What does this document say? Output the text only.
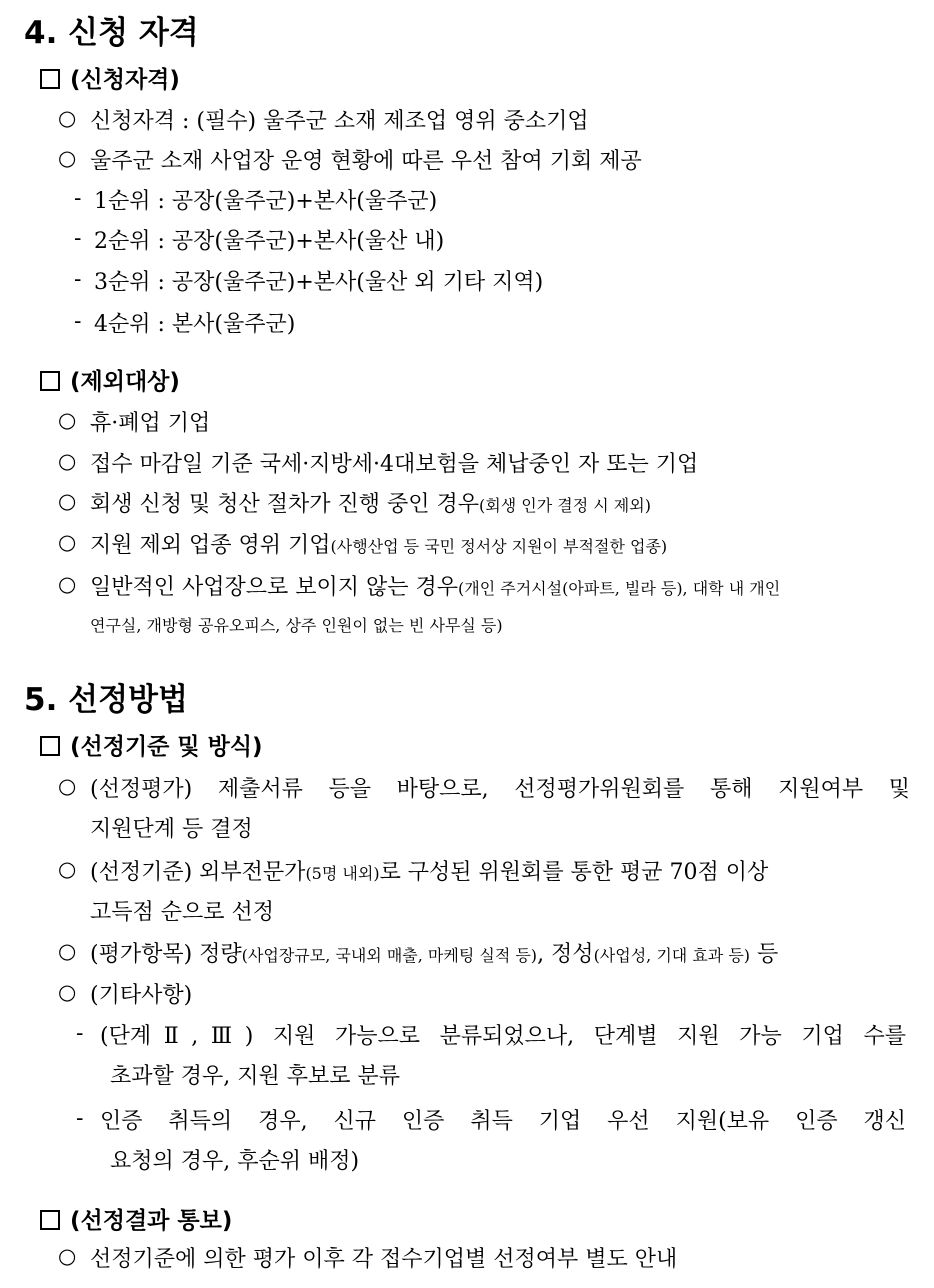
4. 신청 자격
(신청자격)
○ 신청자격 : (필수) 울주군 소재 제조업 영위 중소기업
○ 울주군 소재 사업장 운영 현황에 따른 우선 참여 기회 제공
- 1순위 : 공장(울주군)+본사(울주군)
- 2순위 : 공장(울주군)+본사(울산 내)
- 3순위 : 공장(울주군)+본사(울산 외 기타 지역)
- 4순위 : 본사(울주군)
(제외대상)
○ 휴·폐업 기업
○ 접수 마감일 기준 국세·지방세·4대보험을 체납중인 자 또는 기업
○ 회생 신청 및 청산 절차가 진행 중인 경우(회생 인가 결정 시 제외)
○ 지원 제외 업종 영위 기업(사행산업 등 국민 정서상 지원이 부적절한 업종)
○ 일반적인 사업장으로 보이지 않는 경우(개인 주거시설(아파트, 빌라 등), 대학 내 개인
연구실, 개방형 공유오피스, 상주 인원이 없는 빈 사무실 등)
5. 선정방법
(선정기준 및 방식)
○ (선정평가) 제출서류 등을 바탕으로, 선정평가위원회를 통해 지원여부 및
지원단계 등 결정
○ (선정기준) 외부전문가(5명 내외)로 구성된 위원회를 통한 평균 70점 이상
고득점 순으로 선정
○ (평가항목) 정량(사업장규모, 국내외 매출, 마케팅 실적 등), 정성(사업성, 기대 효과 등) 등
○ (기타사항)
- (단계Ⅱ,Ⅲ) 지원 가능으로 분류되었으나, 단계별 지원 가능 기업 수를
초과할 경우, 지원 후보로 분류
- 인증 취득의 경우, 신규 인증 취득 기업 우선 지원(보유 인증 갱신
요청의 경우, 후순위 배정)
(선정결과 통보)
○ 선정기준에 의한 평가 이후 각 접수기업별 선정여부 별도 안내
